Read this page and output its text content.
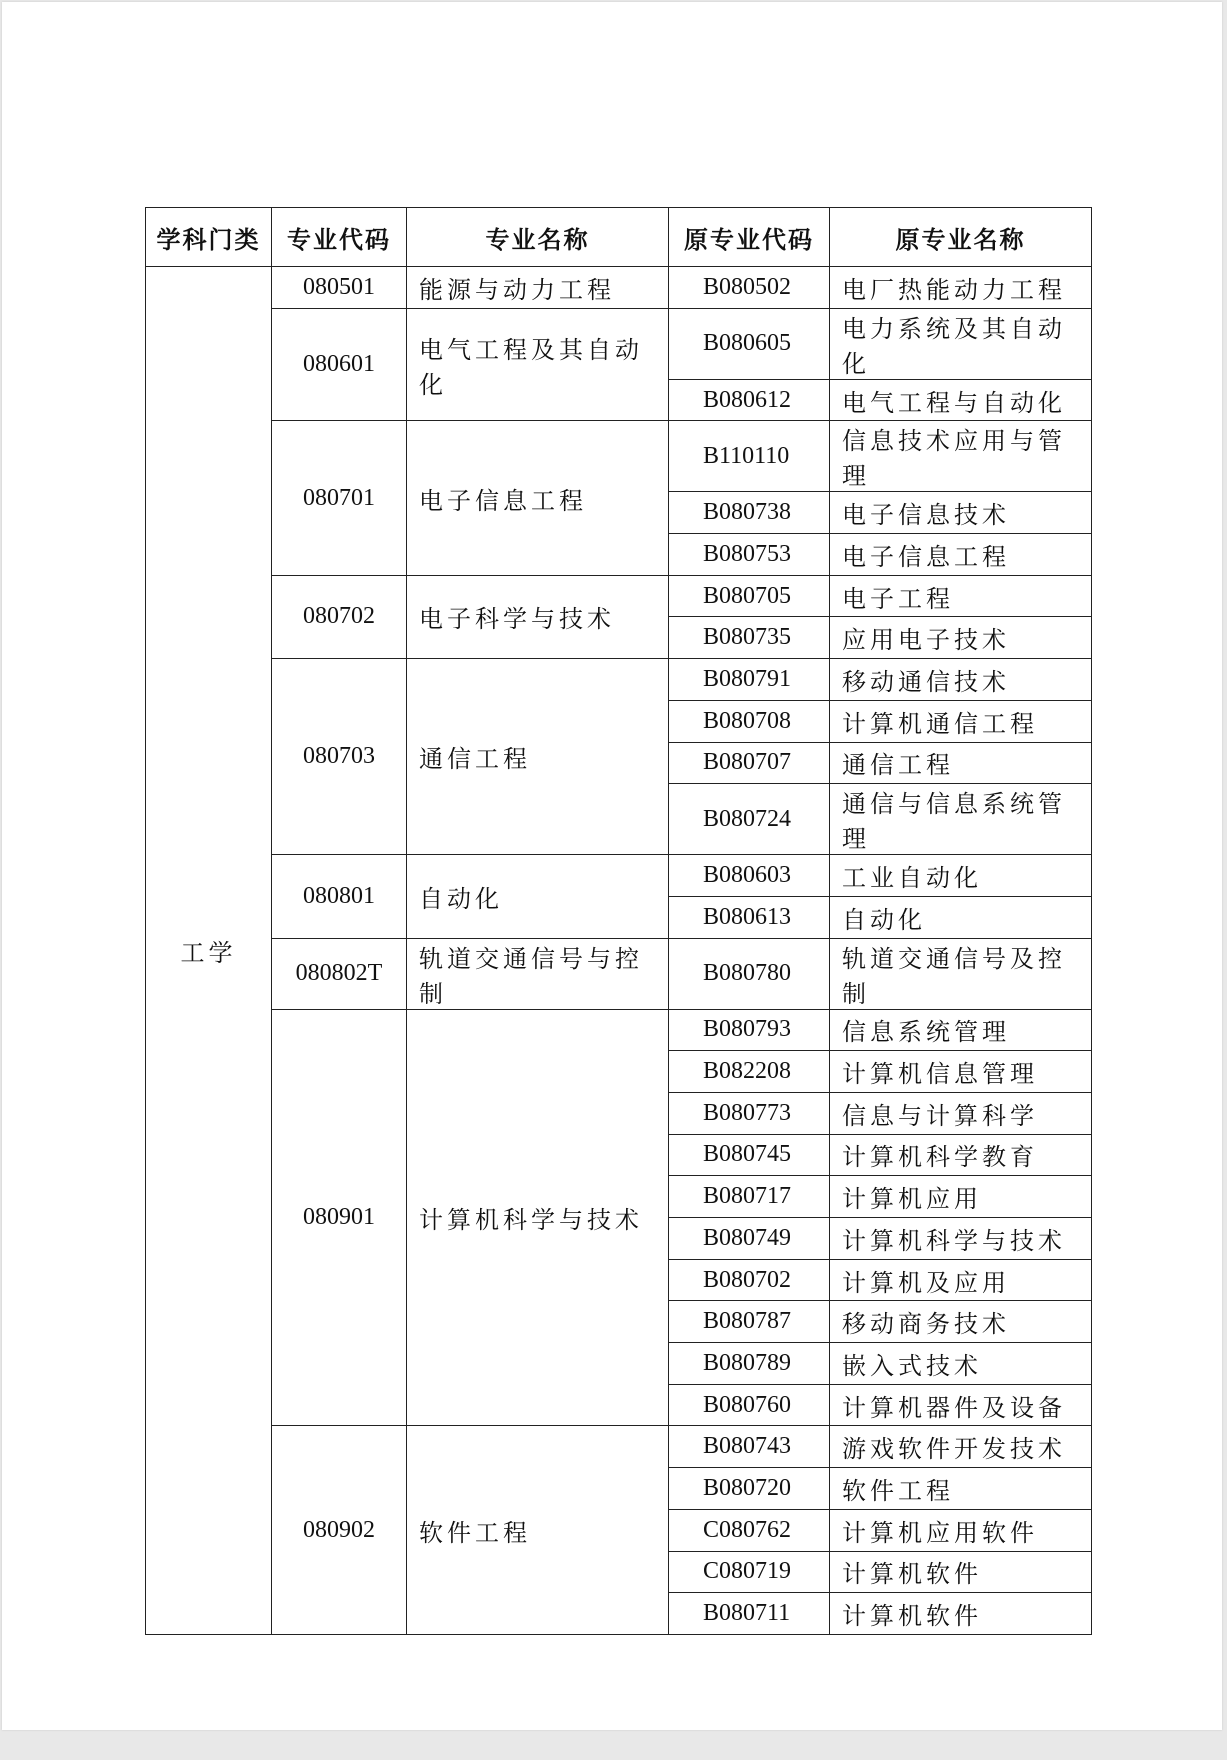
学科门类	专业代码	专业名称	原专业代码	原专业名称
工学	080501	能源与动力工程	B080502	电厂热能动力工程
	080601	电气工程及其自动化	B080605	电力系统及其自动化
			B080612	电气工程与自动化
	080701	电子信息工程	B110110	信息技术应用与管理
			B080738	电子信息技术
			B080753	电子信息工程
	080702	电子科学与技术	B080705	电子工程
			B080735	应用电子技术
	080703	通信工程	B080791	移动通信技术
			B080708	计算机通信工程
			B080707	通信工程
			B080724	通信与信息系统管理
	080801	自动化	B080603	工业自动化
			B080613	自动化
	080802T	轨道交通信号与控制	B080780	轨道交通信号及控制
	080901	计算机科学与技术	B080793	信息系统管理
			B082208	计算机信息管理
			B080773	信息与计算科学
			B080745	计算机科学教育
			B080717	计算机应用
			B080749	计算机科学与技术
			B080702	计算机及应用
			B080787	移动商务技术
			B080789	嵌入式技术
			B080760	计算机器件及设备
	080902	软件工程	B080743	游戏软件开发技术
			B080720	软件工程
			C080762	计算机应用软件
			C080719	计算机软件
			B080711	计算机软件
